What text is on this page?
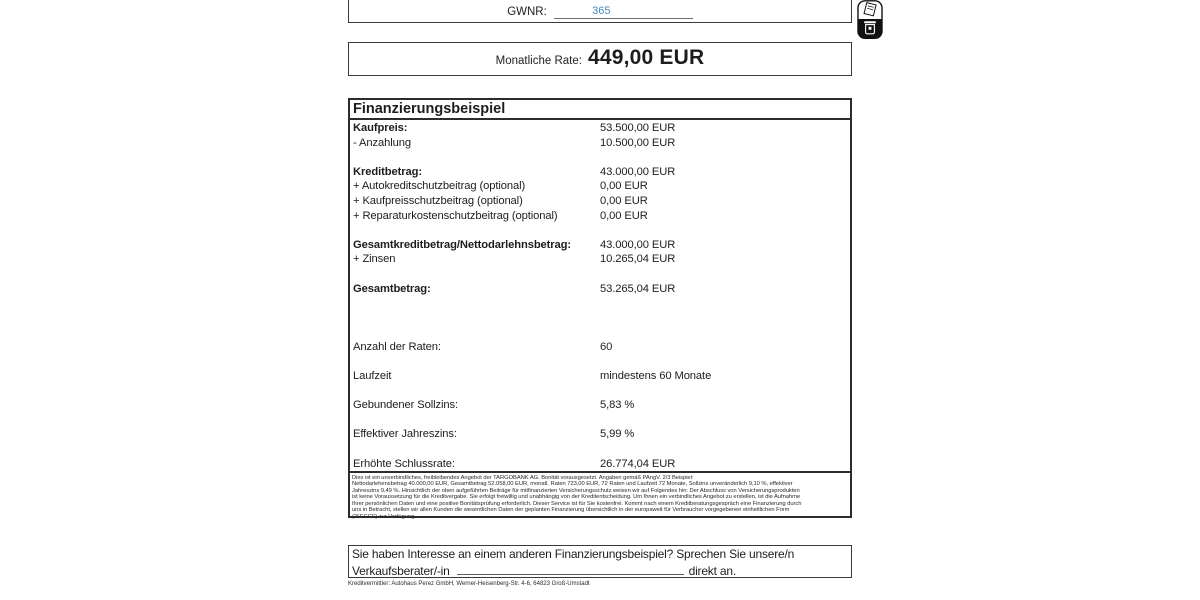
GWNR:	365
Monatliche Rate: 449,00 EUR
Finanzierungsbeispiel
Kaufpreis:	53.500,00 EUR
- Anzahlung	10.500,00 EUR

Kreditbetrag:	43.000,00 EUR
+ Autokreditschutzbeitrag (optional)	0,00 EUR
+ Kaufpreisschutzbeitrag (optional)	0,00 EUR
+ Reparaturkostenschutzbeitrag (optional)	0,00 EUR

Gesamtkreditbetrag/Nettodarlehnsbetrag:	43.000,00 EUR
+ Zinsen	10.265,04 EUR

Gesamtbetrag:	53.265,04 EUR

Anzahl der Raten:	60

Laufzeit	mindestens 60 Monate

Gebundener Sollzins:	5,83 %

Effektiver Jahreszins:	5,99 %

Erhöhte Schlussrate:	26.774,04 EUR
Dies ist ein unverbindliches, freibleibendes Angebot der TARGOBANK AG. Bonität vorausgesetzt. Angaben gemäß PAngV. 2/3 Beispiel:
Nettodarlehensbetrag 40.000,00 EUR, Gesamtbetrag 52.058,00 EUR, monatl. Raten 723,00 EUR, 72 Raten und Laufzeit 72 Monate, Sollzins unveränderlich 9,10 %, effektiver
Jahreszins 9,49 %. Hinsichtlich der oben aufgeführten Beiträge für mitfinanzierten Versicherungsschutz weisen wir auf Folgendes hin: Der Abschluss von Versicherungsprodukten
ist keine Voraussetzung für die Kreditvergabe. Sie erfolgt freiwillig und unabhängig von der Kreditentscheidung. Um Ihnen ein verbindliches Angebot zu erstellen, ist die Aufnahme
Ihrer persönlichen Daten und eine positive Bonitätsprüfung erforderlich. Dieser Service ist für Sie kostenfrei. Kommt nach einem Kreditberatungsgespräch eine Finanzierung durch
uns in Betracht, stellen wir allen Kunden die wesentlichen Daten der geplanten Finanzierung übersichtlich in der europaweit für Verbraucher vorgegebenen einheitlichen Form
("SECCI") zur Verfügung.
Sie haben Interesse an einem anderen Finanzierungsbeispiel? Sprechen Sie unsere/n
Verkaufsberater/-in	direkt an.
Kreditvermittler: Autohaus Perez GmbH, Werner-Heisenberg-Str. 4-6, 64823 Groß-Umstadt
